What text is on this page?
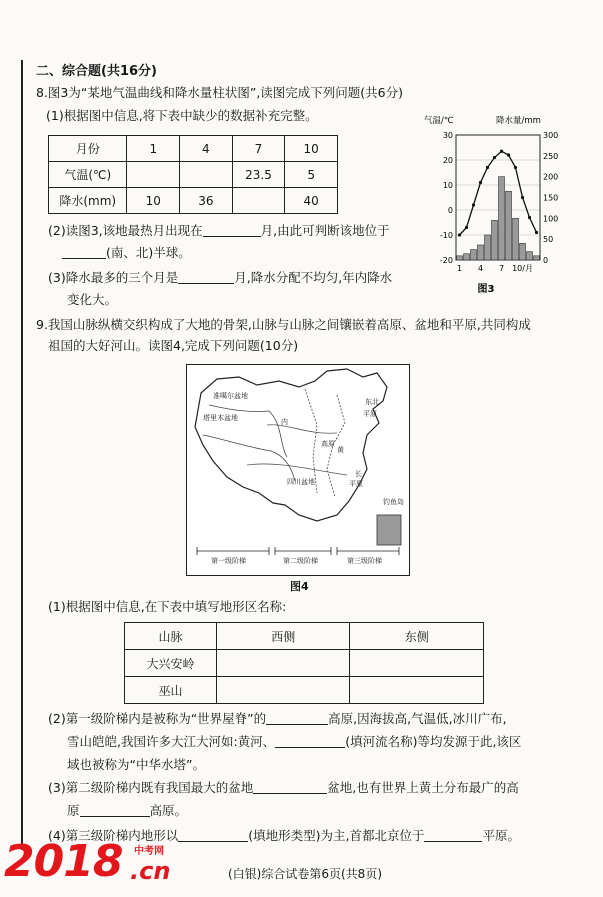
二、综合题(共16分)
8.图3为“某地气温曲线和降水量柱状图”,读图完成下列问题(共6分)
(1)根据图中信息,将下表中缺少的数据补充完整。
月份	1	4	7	10
气温(℃)			23.5	5
降水(mm)	10	36		40
(2)读图3,该地最热月出现在	月,由此可判断该地位于
(南、北)半球。
(3)降水最多的三个月是	月,降水分配不均匀,年内降水
变化大。
气温/℃	降水量/mm
30
20
10
0
-10
-20
300
250
200
150
100
50
0
1 4 7 10/月
图3
9.我国山脉纵横交织构成了大地的骨架,山脉与山脉之间镶嵌着高原、盆地和平原,共同构成
祖国的大好河山。读图4,完成下列问题(10分)
准噶尔盆地
塔里木盆地	内
东北
平原
高原
四川盆地
黄
长
平原
钓鱼岛
第一级阶梯	第二级阶梯	第三级阶梯
图4
(1)根据图中信息,在下表中填写地形区名称:
山脉	西侧	东侧
大兴安岭		
巫山		
(2)第一级阶梯内是被称为“世界屋脊”的	高原,因海拔高,气温低,冰川广布,
雪山皑皑,我国许多大江大河如:黄河、	(填河流名称)等均发源于此,该区
域也被称为“中华水塔”。
(3)第二级阶梯内既有我国最大的盆地	盆地,也有世界上黄土分布最广的高
原	高原。
(4)第三级阶梯内地形以	(填地形类型)为主,首都北京位于	平原。
2018 中考网
.cn	(白银)综合试卷第6页(共8页)
